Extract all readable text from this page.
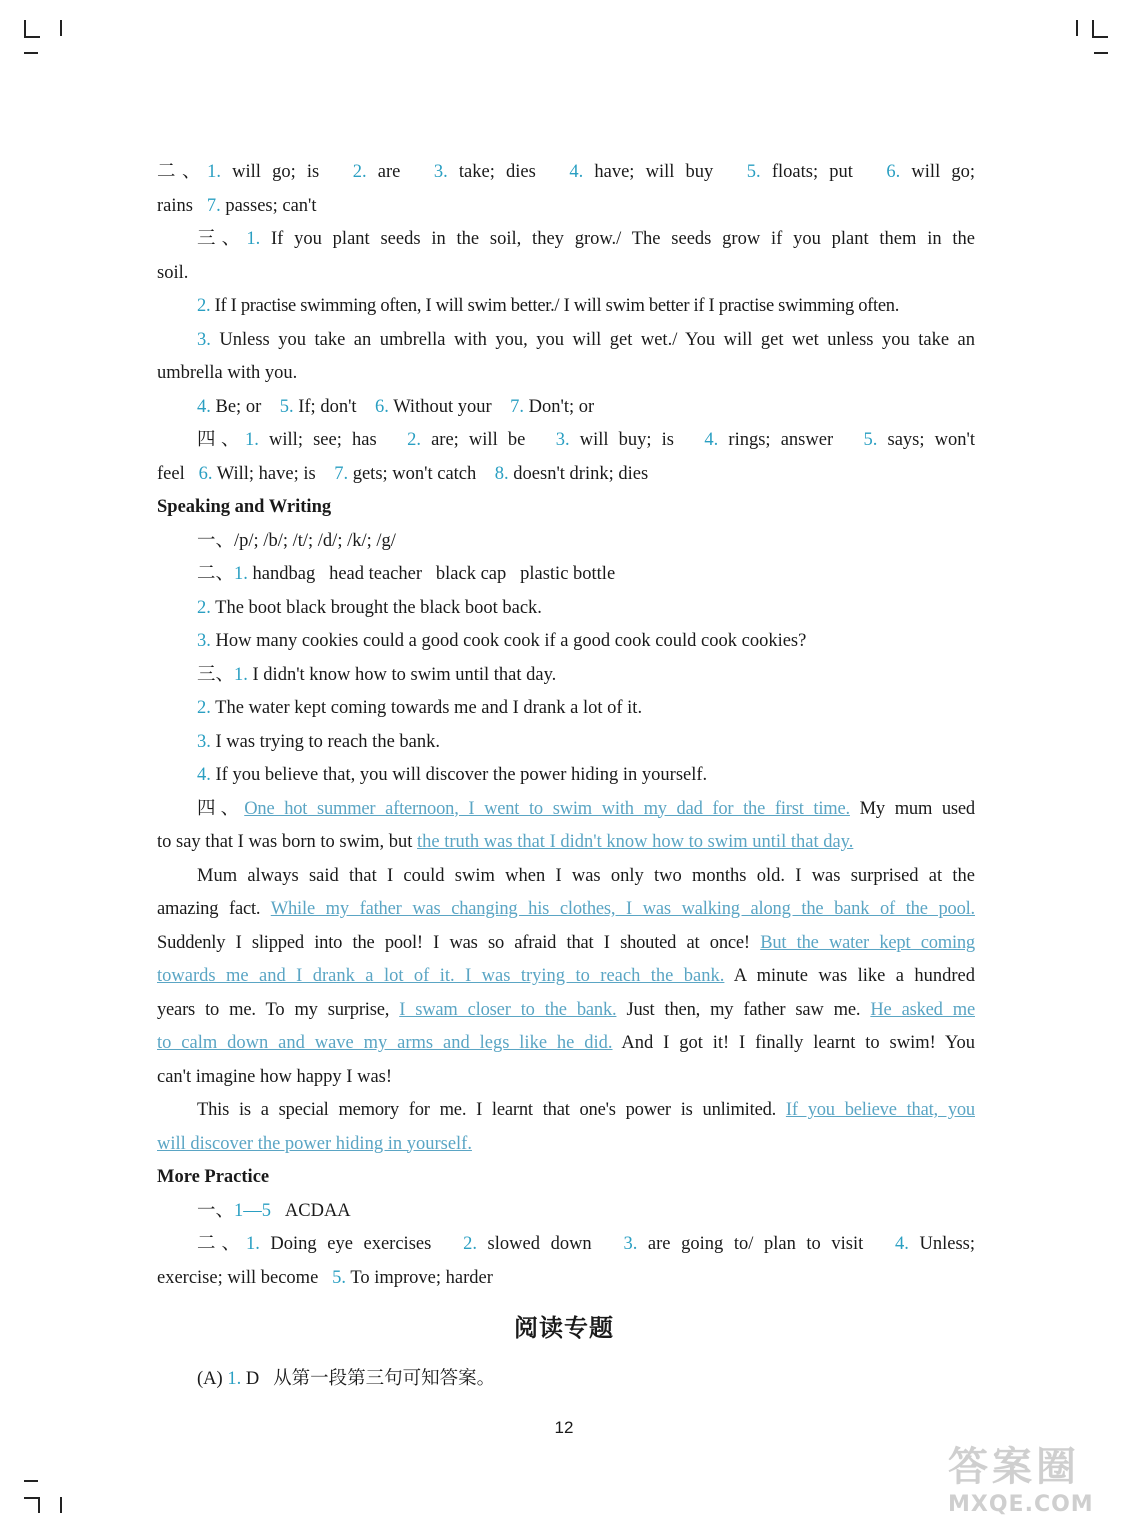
二、1. will go; is 2. are 3. take; dies 4. have; will buy 5. floats; put 6. will go;
rains   7. passes; can't
三、1. If you plant seeds in the soil, they grow./ The seeds grow if you plant them in the
soil.
2. If I practise swimming often, I will swim better./ I will swim better if I practise swimming often.
3. Unless you take an umbrella with you, you will get wet./ You will get wet unless you take an
umbrella with you.
4. Be; or 5. If; don't 6. Without your 7. Don't; or
四、1. will; see; has 2. are; will be 3. will buy; is 4. rings; answer 5. says; won't
feel   6. Will; have; is 7. gets; won't catch 8. doesn't drink; dies
Speaking and Writing
一、/p/; /b/; /t/; /d/; /k/; /g/
二、1. handbag   head teacher   black cap   plastic bottle
2. The boot black brought the black boot back.
3. How many cookies could a good cook cook if a good cook could cook cookies?
三、1. I didn't know how to swim until that day.
2. The water kept coming towards me and I drank a lot of it.
3. I was trying to reach the bank.
4. If you believe that, you will discover the power hiding in yourself.
四、One hot summer afternoon, I went to swim with my dad for the first time. My mum used
to say that I was born to swim, but the truth was that I didn't know how to swim until that day.
Mum always said that I could swim when I was only two months old. I was surprised at the
amazing fact. While my father was changing his clothes, I was walking along the bank of the pool.
Suddenly I slipped into the pool! I was so afraid that I shouted at once! But the water kept coming
towards me and I drank a lot of it. I was trying to reach the bank. A minute was like a hundred
years to me. To my surprise, I swam closer to the bank. Just then, my father saw me. He asked me
to calm down and wave my arms and legs like he did. And I got it! I finally learnt to swim! You
can't imagine how happy I was!
This is a special memory for me. I learnt that one's power is unlimited. If you believe that, you
will discover the power hiding in yourself.
More Practice
一、1—5   ACDAA
二、1. Doing eye exercises 2. slowed down 3. are going to/ plan to visit 4. Unless;
exercise; will become   5. To improve; harder
阅读专题
(A) 1. D   从第一段第三句可知答案。
12
答案圈
MXQE.COM
